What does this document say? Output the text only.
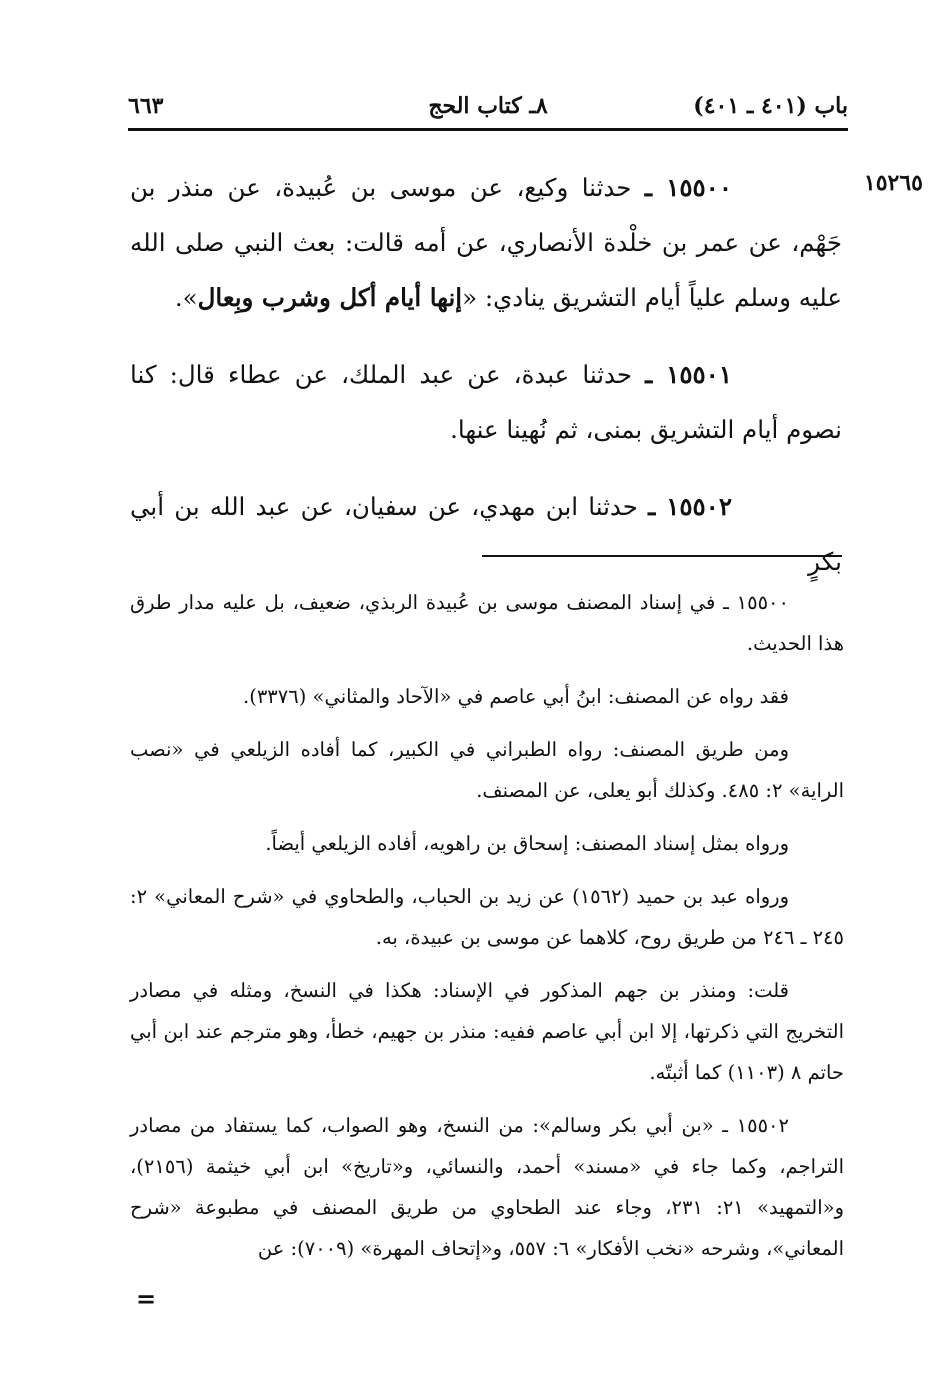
باب (٤٠١ ـ ٤٠١)
٨ـ كتاب الحج
٦٦٣
١٥٢٦٥

١٥٥٠٠ ـ حدثنا وكيع، عن موسى بن عُبيدة، عن منذر بن جَهْم، عن عمر بن خلْدة الأنصاري، عن أمه قالت: بعث النبي صلى الله عليه وسلم علياً أيام التشريق ينادي: «إنها أيام أكل وشرب وبِعال».

١٥٥٠١ ـ حدثنا عبدة، عن عبد الملك، عن عطاء قال: كنا نصوم أيام التشريق بمنى، ثم نُهينا عنها.

١٥٥٠٢ ـ حدثنا ابن مهدي، عن سفيان، عن عبد الله بن أبي بكرٍ

١٥٥٠٠ ـ في إسناد المصنف موسى بن عُبيدة الربذي، ضعيف، بل عليه مدار طرق هذا الحديث.

فقد رواه عن المصنف: ابنُ أبي عاصم في «الآحاد والمثاني» (٣٣٧٦).

ومن طريق المصنف: رواه الطبراني في الكبير، كما أفاده الزيلعي في «نصب الراية» ٢: ٤٨٥. وكذلك أبو يعلى، عن المصنف.

ورواه بمثل إسناد المصنف: إسحاق بن راهويه، أفاده الزيلعي أيضاً.

ورواه عبد بن حميد (١٥٦٢) عن زيد بن الحباب، والطحاوي في «شرح المعاني» ٢: ٢٤٥ ـ ٢٤٦ من طريق روح، كلاهما عن موسى بن عبيدة، به.

قلت: ومنذر بن جهم المذكور في الإسناد: هكذا في النسخ، ومثله في مصادر التخريج التي ذكرتها، إلا ابن أبي عاصم ففيه: منذر بن جهيم، خطأ، وهو مترجم عند ابن أبي حاتم ٨ (١١٠٣) كما أثبتّه.

١٥٥٠٢ ـ «بن أبي بكر وسالم»: من النسخ، وهو الصواب، كما يستفاد من مصادر التراجم، وكما جاء في «مسند» أحمد، والنسائي، و«تاريخ» ابن أبي خيثمة (٢١٥٦)، و«التمهيد» ٢١: ٢٣١، وجاء عند الطحاوي من طريق المصنف في مطبوعة «شرح المعاني»، وشرحه «نخب الأفكار» ٦: ٥٥٧، و«إتحاف المهرة» (٧٠٠٩): عن

=
